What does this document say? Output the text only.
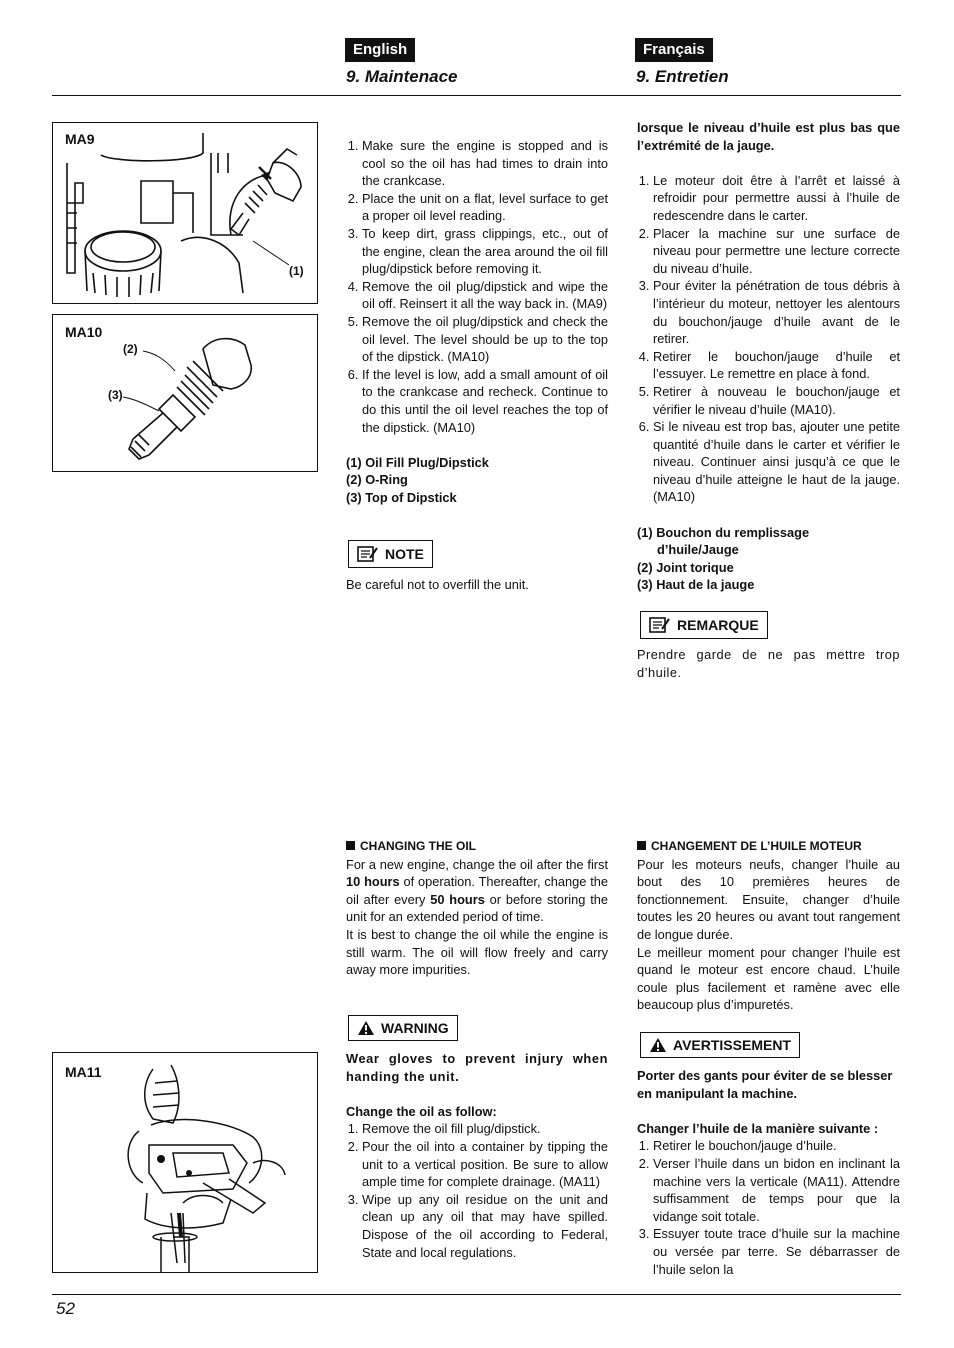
English	Français
9. Maintenace	9. Entretien
MA9
(1)
MA10
(2)
(3)
MA11
1. Make sure the engine is stopped and is cool so the oil has had times to drain into the crankcase.
2. Place the unit on a flat, level surface to get a proper oil level reading.
3. To keep dirt, grass clippings, etc., out of the engine, clean the area around the oil fill plug/dipstick before removing it.
4. Remove the oil plug/dipstick and wipe the oil off. Reinsert it all the way back in. (MA9)
5. Remove the oil plug/dipstick and check the oil level. The level should be up to the top of the dipstick. (MA10)
6. If the level is low, add a small amount of oil to the crankcase and recheck. Continue to do this until the oil level reaches the top of the dipstick. (MA10)

(1) Oil Fill Plug/Dipstick

(2) O-Ring

(3) Top of Dipstick

NOTE
Be careful not to overfill the unit.

CHANGING THE OIL

For a new engine, change the oil after the first 10 hours of operation. Thereafter, change the oil after every 50 hours or before storing the unit for an extended period of time.

It is best to change the oil while the engine is still warm. The oil will flow freely and carry away more impurities.

WARNING

Wear gloves to prevent injury when handing the unit.

Change the oil as follow:

1. Remove the oil fill plug/dipstick.
2. Pour the oil into a container by tipping the unit to a vertical position. Be sure to allow ample time for complete drainage. (MA11)
3. Wipe up any oil residue on the unit and clean up any oil that may have spilled. Dispose of the oil according to Federal, State and local regulations.

lorsque le niveau d’huile est plus bas que l’extrémité de la jauge.

1. Le moteur doit être à l’arrêt et laissé à refroidir pour permettre aussi à l’huile de redescendre dans le carter.
2. Placer la machine sur une surface de niveau pour permettre une lecture correcte du niveau d’huile.
3. Pour éviter la pénétration de tous débris à l’intérieur du moteur, nettoyer les alentours du bouchon/jauge d’huile avant de le retirer.
4. Retirer le bouchon/jauge d’huile et l’essuyer. Le remettre en place à fond.
5. Retirer à nouveau le bouchon/jauge et vérifier le niveau d’huile (MA10).
6. Si le niveau est trop bas, ajouter une petite quantité d’huile dans le carter et vérifier le niveau. Continuer ainsi jusqu’à ce que le niveau d’huile atteigne le haut de la jauge. (MA10)

(1) Bouchon du remplissage

d’huile/Jauge

(2) Joint torique

(3) Haut de la jauge

REMARQUE
Prendre garde de ne pas mettre trop d’huile.

CHANGEMENT DE L’HUILE MOTEUR

Pour les moteurs neufs, changer l’huile au bout des 10 premières heures de fonctionnement. Ensuite, changer d’huile toutes les 20 heures ou avant tout rangement de longue durée.

Le meilleur moment pour changer l’huile est quand le moteur est encore chaud. L’huile coule plus facilement et ramène avec elle beaucoup plus d’impuretés.

AVERTISSEMENT

Porter des gants pour éviter de se blesser en manipulant la machine.

Changer l’huile de la manière suivante :

1. Retirer le bouchon/jauge d’huile.
2. Verser l’huile dans un bidon en inclinant la machine vers la verticale (MA11). Attendre suffisamment de temps pour que la vidange soit totale.
3. Essuyer toute trace d’huile sur la machine ou versée par terre. Se débarrasser de l’huile selon la
52
